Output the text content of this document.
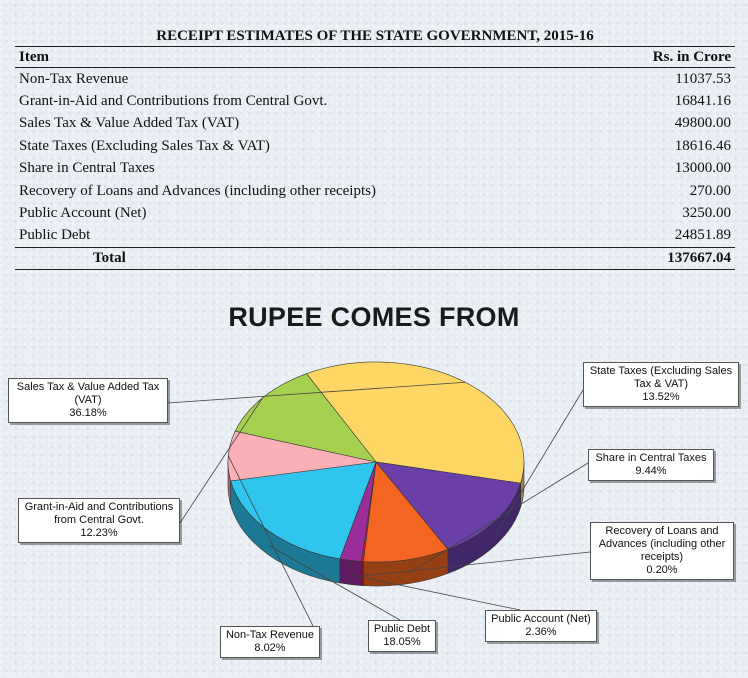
RECEIPT ESTIMATES OF THE STATE GOVERNMENT, 2015-16
Item	Rs. in Crore
Non-Tax Revenue	11037.53
Grant-in-Aid and Contributions from Central Govt.	16841.16
Sales Tax & Value Added Tax (VAT)	49800.00
State Taxes (Excluding Sales Tax & VAT)	18616.46
Share in Central Taxes	13000.00
Recovery of Loans and Advances (including other receipts)	270.00
Public Account (Net)	3250.00
Public Debt	24851.89
Total	137667.04
RUPEE COMES FROM
Sales Tax & Value Added Tax (VAT)
36.18%
State Taxes (Excluding Sales Tax & VAT)
13.52%
Share in Central Taxes
9.44%
Recovery of Loans and Advances (including other receipts)
0.20%
Public Account (Net)
2.36%
Public Debt
18.05%
Non-Tax Revenue
8.02%
Grant-in-Aid and Contributions from Central Govt.
12.23%
